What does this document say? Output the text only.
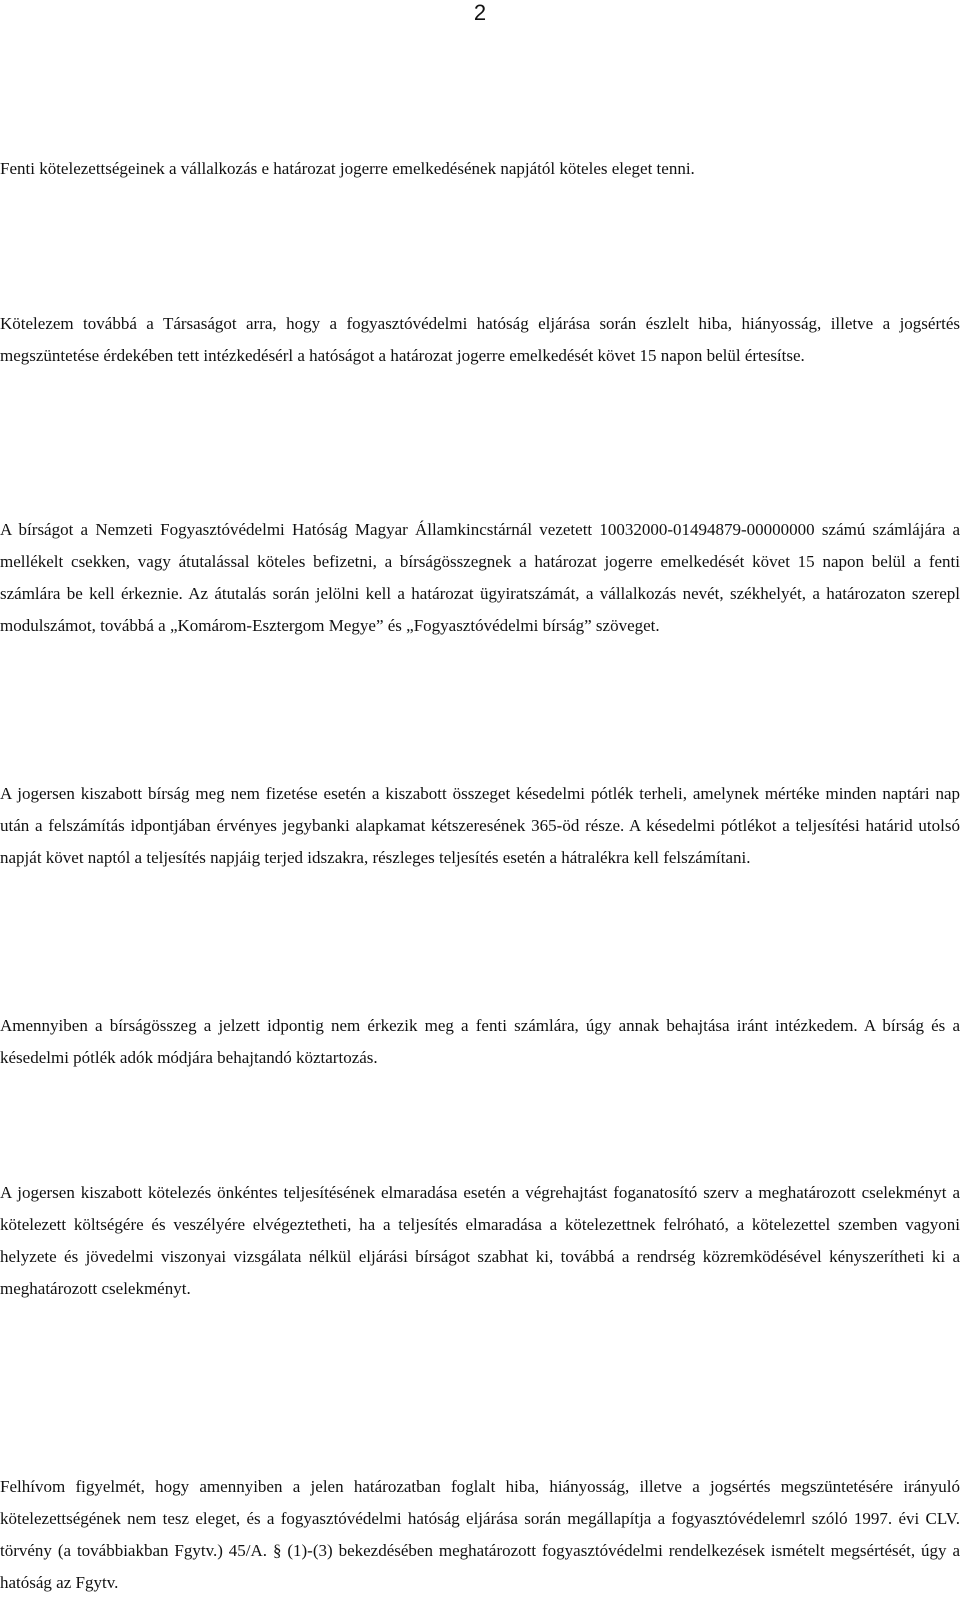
2

Fenti kötelezettségeinek a vállalkozás e határozat jogerre emelkedésének napjától köteles eleget tenni.

Kötelezem továbbá a Társaságot arra, hogy a fogyasztóvédelmi hatóság eljárása során észlelt hiba, hiányosság, illetve a jogsértés megszüntetése érdekében tett intézkedésérl a hatóságot a határozat jogerre emelkedését követ 15 napon belül értesítse.

A bírságot a Nemzeti Fogyasztóvédelmi Hatóság Magyar Államkincstárnál vezetett 10032000-01494879-00000000 számú számlájára a mellékelt csekken, vagy átutalással köteles befizetni, a bírságösszegnek a határozat jogerre emelkedését követ 15 napon belül a fenti számlára be kell érkeznie. Az átutalás során jelölni kell a határozat ügyiratszámát, a vállalkozás nevét, székhelyét, a határozaton szerepl modulszámot, továbbá a „Komárom-Esztergom Megye” és „Fogyasztóvédelmi bírság” szöveget.

A jogersen kiszabott bírság meg nem fizetése esetén a kiszabott összeget késedelmi pótlék terheli, amelynek mértéke minden naptári nap után a felszámítás idpontjában érvényes jegybanki alapkamat kétszeresének 365-öd része. A késedelmi pótlékot a teljesítési határid utolsó napját követ naptól a teljesítés napjáig terjed idszakra, részleges teljesítés esetén a hátralékra kell felszámítani.

Amennyiben a bírságösszeg a jelzett idpontig nem érkezik meg a fenti számlára, úgy annak behajtása iránt intézkedem. A bírság és a késedelmi pótlék adók módjára behajtandó köztartozás.

A jogersen kiszabott kötelezés önkéntes teljesítésének elmaradása esetén a végrehajtást foganatosító szerv a meghatározott cselekményt a kötelezett költségére és veszélyére elvégeztetheti, ha a teljesítés elmaradása a kötelezettnek felróható, a kötelezettel szemben vagyoni helyzete és jövedelmi viszonyai vizsgálata nélkül eljárási bírságot szabhat ki, továbbá a rendrség közremködésével kényszerítheti ki a meghatározott cselekményt.

Felhívom figyelmét, hogy amennyiben a jelen határozatban foglalt hiba, hiányosság, illetve a jogsértés megszüntetésére irányuló kötelezettségének nem tesz eleget, és a fogyasztóvédelmi hatóság eljárása során megállapítja a fogyasztóvédelemrl szóló 1997. évi CLV. törvény (a továbbiakban Fgytv.) 45/A. § (1)-(3) bekezdésében meghatározott fogyasztóvédelmi rendelkezések ismételt megsértését, úgy a hatóság az Fgytv.
